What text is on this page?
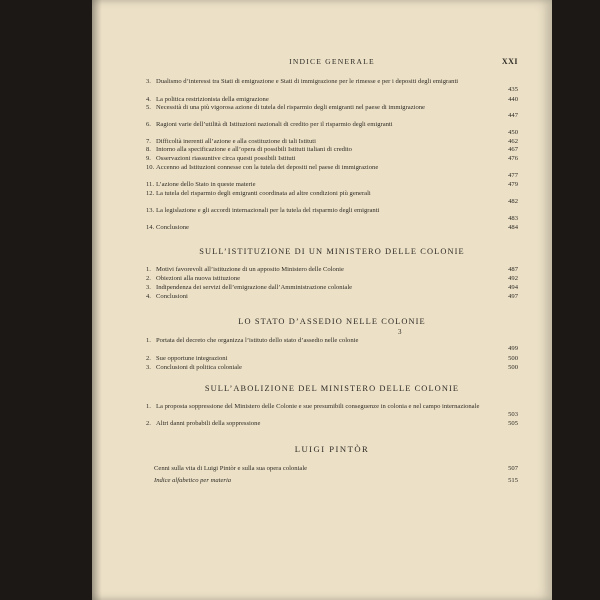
INDICE GENERALE	XXI
3. Dualismo d’interessi tra Stati di emigrazione e Stati di immigrazione per le rimesse e per i depositi degli emigranti
435
4. La politica restrizionista della emigrazione	440
5. Necessità di una più vigorosa azione di tutela del risparmio degli emigranti nel paese di immigrazione
447
6. Ragioni varie dell’utilità di Istituzioni nazionali di credito per il risparmio degli emigranti
450
7. Difficoltà inerenti all’azione e alla costituzione di tali Istituti	462
8. Intorno alla specificazione e all’opera di possibili Istituti italiani di credito	467
9. Osservazioni riassuntive circa questi possibili Istituti	476
10. Accenno ad Istituzioni connesse con la tutela dei depositi nel paese di immigrazione
477
11. L’azione dello Stato in queste materie	479
12. La tutela del risparmio degli emigranti coordinata ad altre condizioni più generali
482
13. La legislazione e gli accordi internazionali per la tutela del risparmio degli emigranti
483
14. Conclusione	484
SULL’ISTITUZIONE DI UN MINISTERO DELLE COLONIE
1. Motivi favorevoli all’istituzione di un apposito Ministero delle Colonie	487
2. Obiezioni alla nuova istituzione	492
3. Indipendenza dei servizi dell’emigrazione dall’Amministrazione coloniale	494
4. Conclusioni	497
LO STATO D’ASSEDIO NELLE COLONIE
3
1. Portata del decreto che organizza l’istituto dello stato d’assedio nelle colonie
499
2. Sue opportune integrazioni	500
3. Conclusioni di politica coloniale	500
SULL’ABOLIZIONE DEL MINISTERO DELLE COLONIE
1. La proposta soppressione del Ministero delle Colonie e sue presumibili conseguenze in colonia e nel campo internazionale
503
2. Altri danni probabili della soppressione	505
LUIGI PINTÒR
Cenni sulla vita di Luigi Pintòr e sulla sua opera coloniale	507
Indice alfabetico per materia	515
